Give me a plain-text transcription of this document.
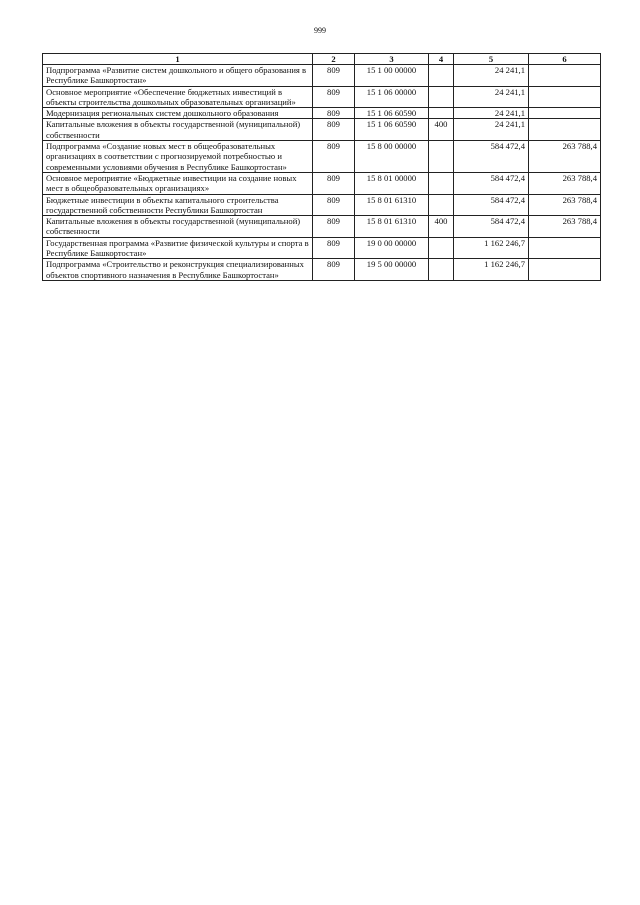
999
1	2	3	4	5	6
Подпрограмма «Развитие систем дошкольного и общего образования в Республике Башкортостан»	809	15 1 00 00000		24 241,1	
Основное мероприятие «Обеспечение бюджетных инвестиций в объекты строительства дошкольных образовательных организаций»	809	15 1 06 00000		24 241,1	
Модернизация региональных систем дошкольного образования	809	15 1 06 60590		24 241,1	
Капитальные вложения в объекты государственной (муниципальной) собственности	809	15 1 06 60590	400	24 241,1	
Подпрограмма «Создание новых мест в общеобразовательных организациях в соответствии с прогнозируемой потребностью и современными условиями обучения в Республике Башкортостан»	809	15 8 00 00000		584 472,4	263 788,4
Основное мероприятие «Бюджетные инвестиции на создание новых мест в общеобразовательных организациях»	809	15 8 01 00000		584 472,4	263 788,4
Бюджетные инвестиции в объекты капитального строительства государственной собственности Республики Башкортостан	809	15 8 01 61310		584 472,4	263 788,4
Капитальные вложения в объекты государственной (муниципальной) собственности	809	15 8 01 61310	400	584 472,4	263 788,4
Государственная программа «Развитие физической культуры и спорта в Республике Башкортостан»	809	19 0 00 00000		1 162 246,7	
Подпрограмма «Строительство и реконструкция специализированных объектов спортивного назначения в Республике Башкортостан»	809	19 5 00 00000		1 162 246,7	
